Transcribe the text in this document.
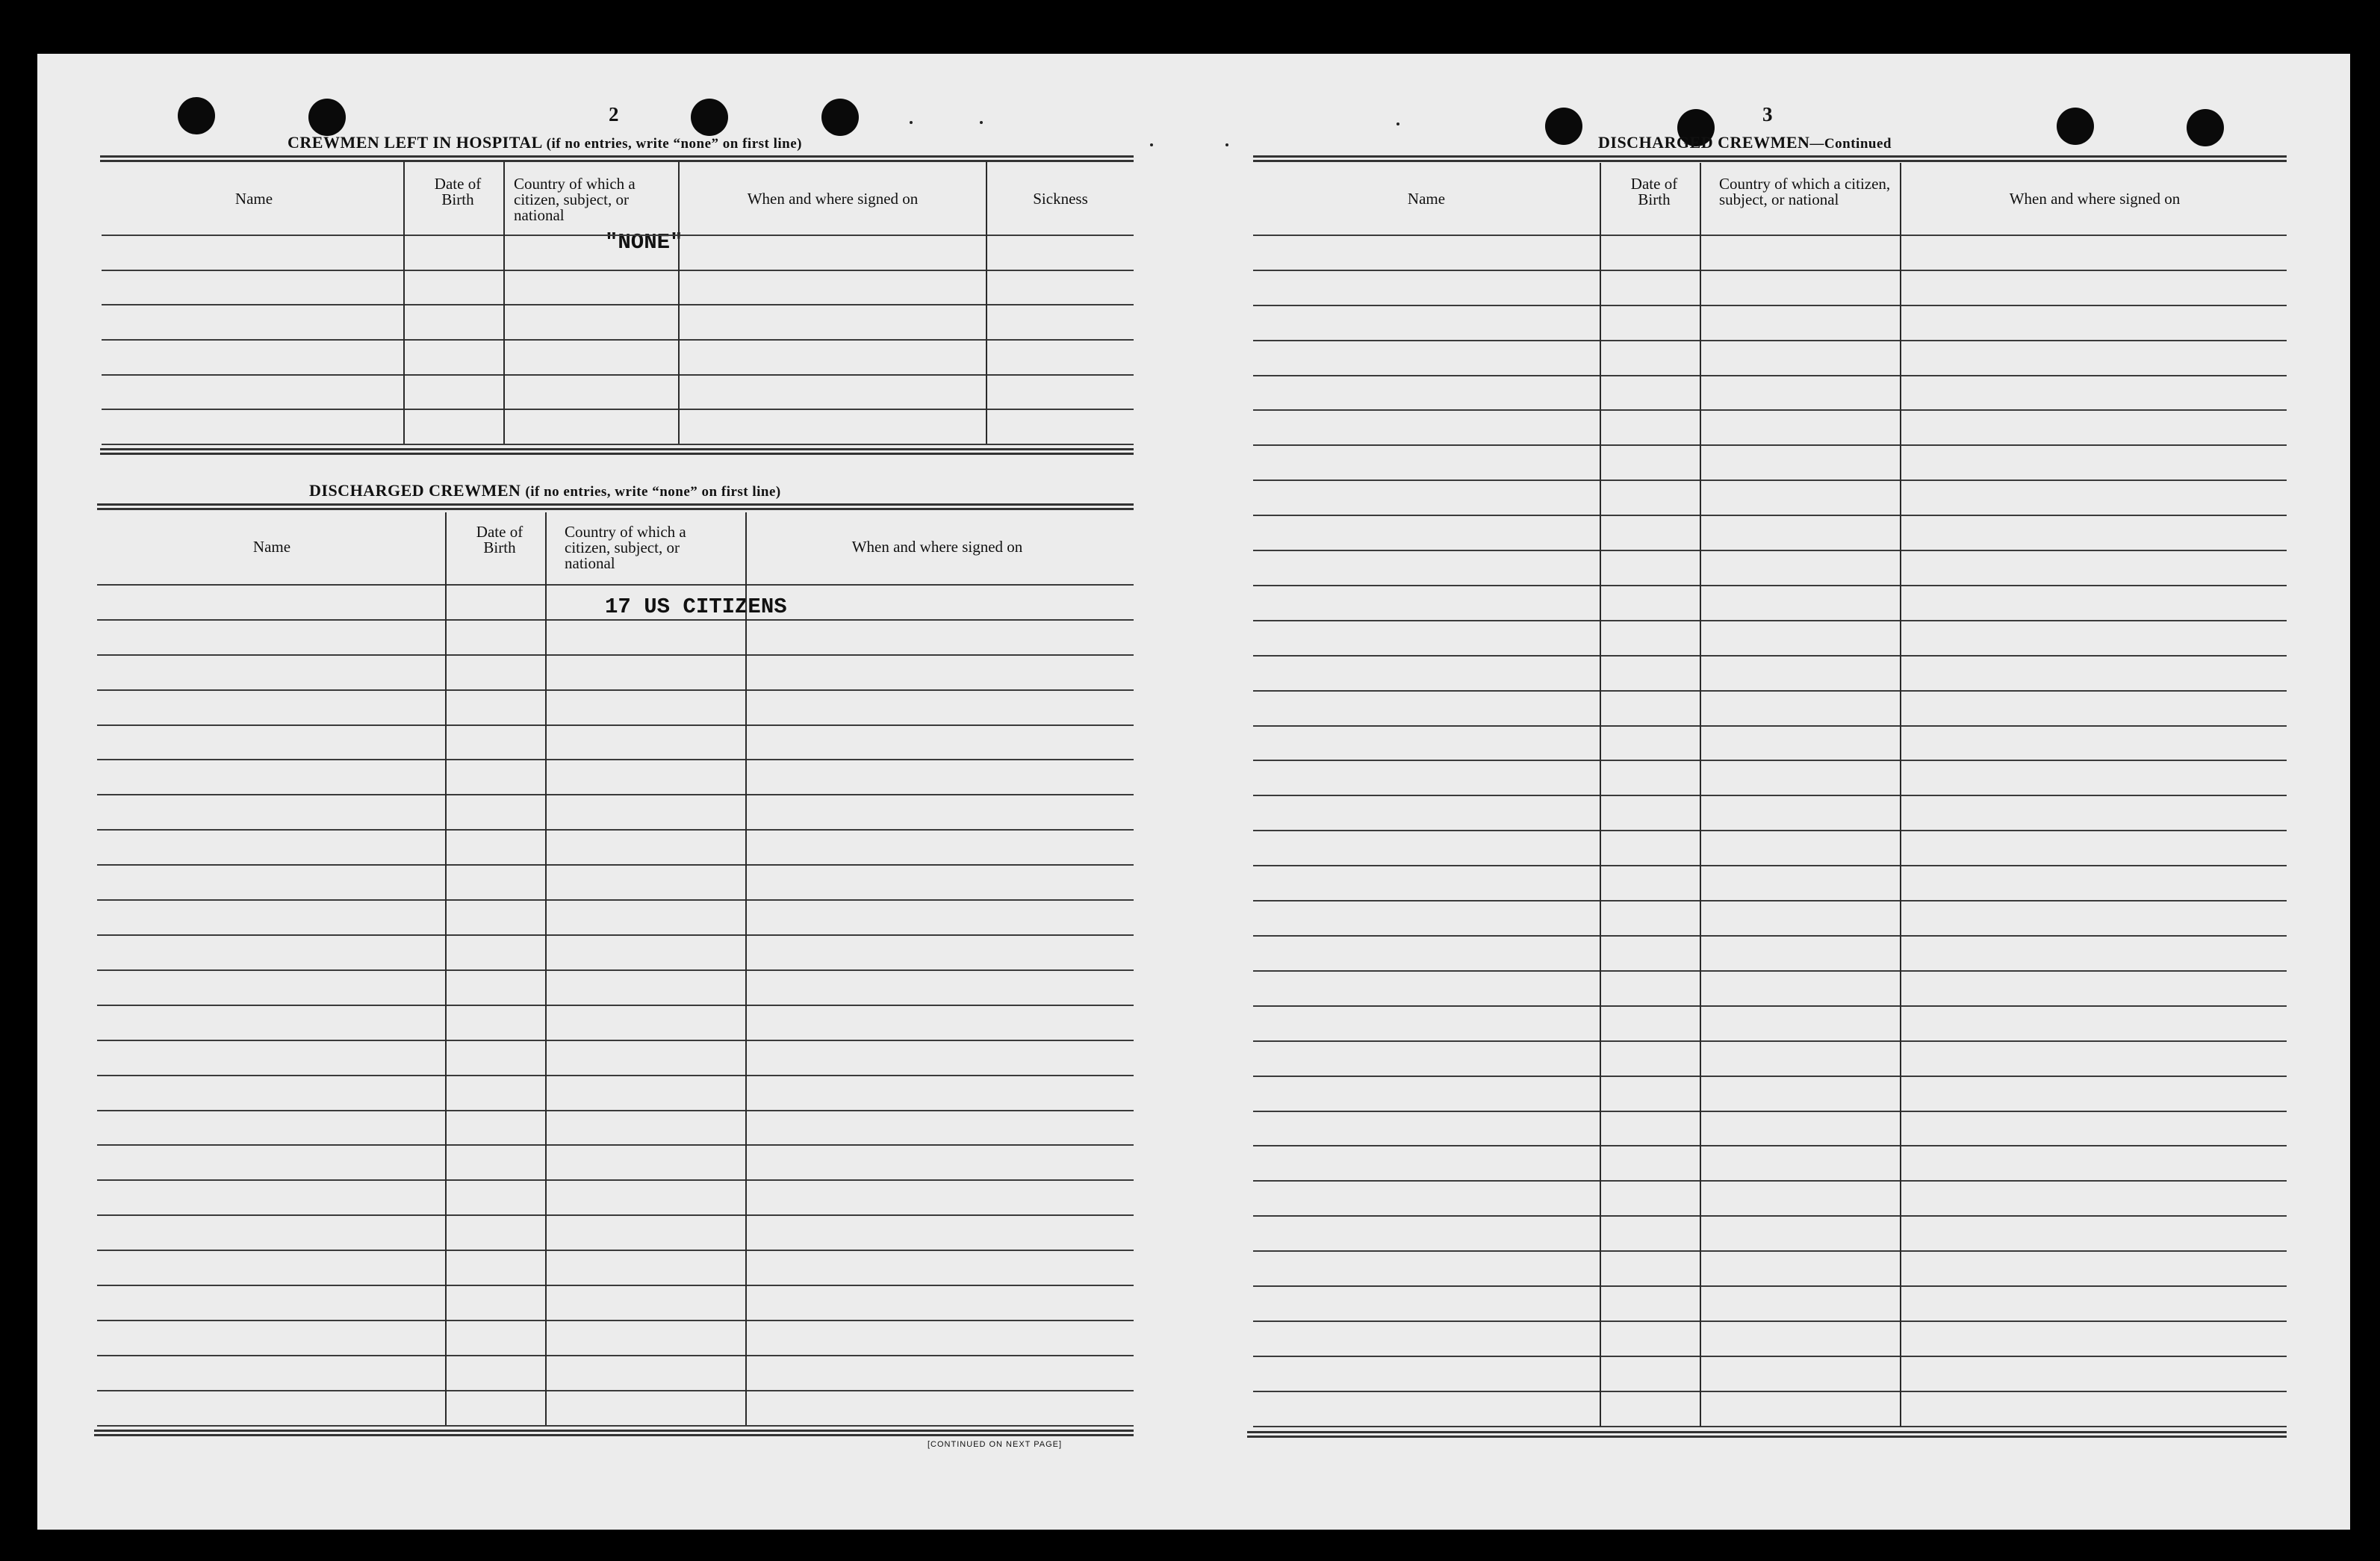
2
CREWMEN LEFT IN HOSPITAL (if no entries, write “none” on first line)
Name
Date of Birth
Country of which a citizen, subject, or national
When and where signed on	Sickness
"NONE"
DISCHARGED CREWMEN (if no entries, write “none” on first line)
Name
Date of Birth
Country of which a citizen, subject, or national
When and where signed on
17 US CITIZENS
[CONTINUED ON NEXT PAGE]
3
DISCHARGED CREWMEN—Continued
Name
Date of Birth
Country of which a citizen, subject, or national	When and where signed on
